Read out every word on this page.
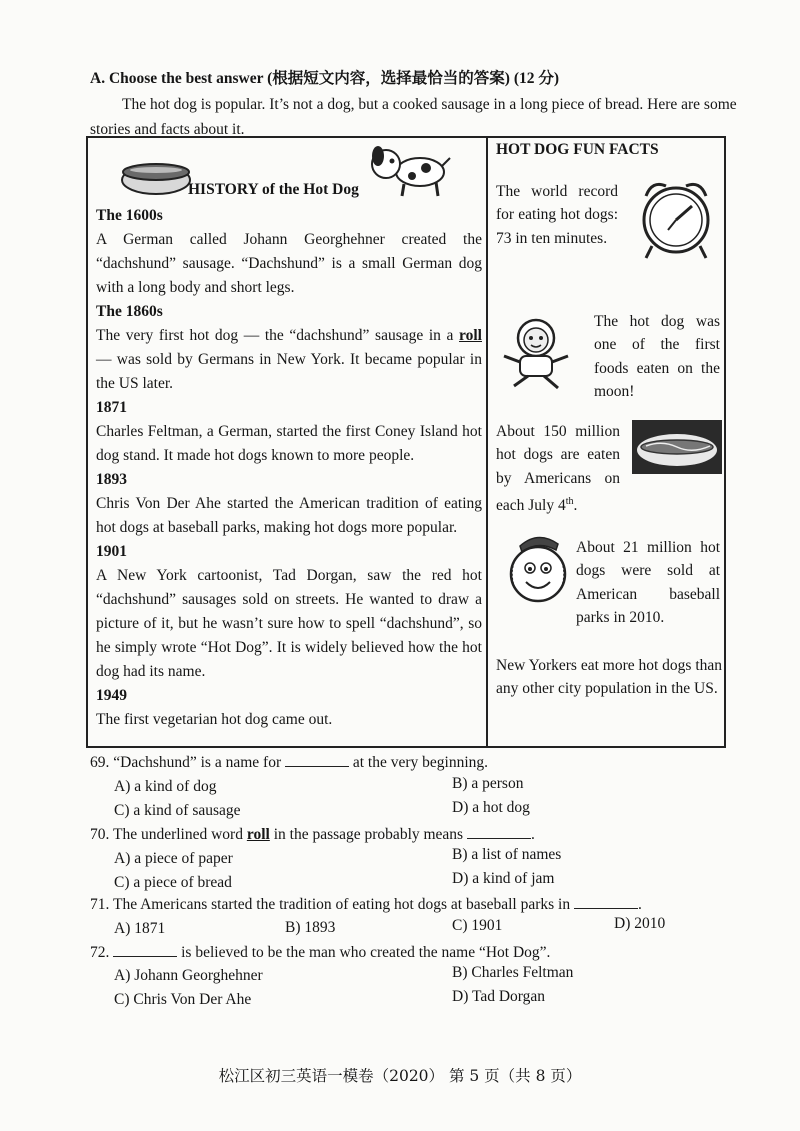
A. Choose the best answer (根据短文内容，选择最恰当的答案) (12 分)
The hot dog is popular. It’s not a dog, but a cooked sausage in a long piece of bread. Here are some stories and facts about it.
HISTORY of the Hot Dog
The 1600s
A German called Johann Georghehner created the “dachshund” sausage. “Dachshund” is a small German dog with a long body and short legs.
The 1860s
The very first hot dog — the “dachshund” sausage in a roll — was sold by Germans in New York. It became popular in the US later.
1871
Charles Feltman, a German, started the first Coney Island hot dog stand. It made hot dogs known to more people.
1893
Chris Von Der Ahe started the American tradition of eating hot dogs at baseball parks, making hot dogs more popular.
1901
A New York cartoonist, Tad Dorgan, saw the red hot “dachshund” sausages sold on streets. He wanted to draw a picture of it, but he wasn’t sure how to spell “dachshund”, so he simply wrote “Hot Dog”. It is widely believed how the hot dog had its name.
1949
The first vegetarian hot dog came out.
HOT DOG FUN FACTS
The world record for eating hot dogs: 73 in ten minutes.
The hot dog was one of the first foods eaten on the moon!
About 150 million hot dogs are eaten by Americans on each July 4th.
About 21 million hot dogs were sold at American baseball parks in 2010.
New Yorkers eat more hot dogs than any other city population in the US.
69. “Dachshund” is a name for	at the very beginning.
A) a kind of dog	B) a person
C) a kind of sausage	D) a hot dog
70. The underlined word roll in the passage probably means	.
A) a piece of paper	B) a list of names
C) a piece of bread	D) a kind of jam
71. The Americans started the tradition of eating hot dogs at baseball parks in	.
A) 1871	B) 1893	C) 1901	D) 2010
72.	is believed to be the man who created the name “Hot Dog”.
A) Johann Georghehner	B) Charles Feltman
C) Chris Von Der Ahe	D) Tad Dorgan
松江区初三英语一模卷（2020） 第 5 页（共 8 页）
